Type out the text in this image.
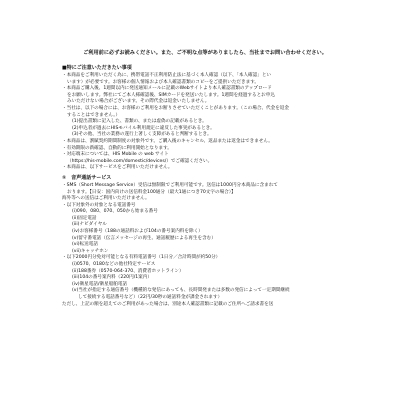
ご利用前に必ずお読みください。また、ご不明な点等がありましたら、当社までお問い合わせください。
■特にご注意いただきたい事項
・本商品をご利用いただく為に、携帯電話不正利用防止法に基づく本人確認（以下、「本人確認」とい
います）が必要です。お客様の個人情報および本人確認書類のコピーをご提供いただきます。
・本商品ご購入後、1週間以内に発送通知メールに記載のWebサイトより本人確認書類のアップロード
をお願いします。弊社にてご本人様確認後、SIMカードを発送いたします。1週間を経過するとお申込
みいただけない場合がございます。その際代金は返金いたしません。
・当社は、以下の場合には、お客様のご利用をお断りさせていただくことがあります。（この場合、代金を返金
することはできません。）
(1)提出書類に記入した、書類の、または虚偽の記載があるとき。
(2)申込者が過去にHISモバイル利用規定に違反した事実があるとき。
(3)その他、当社の業務の遂行上著しく支障があると判断するとき。
・本商品は、割賦契約期間制度の対象外です。ご購入後のキャンセル、返品または返金はできません。
・有効期限の新確認、自動的に利用開始となります。
・対応端末については、HIS Mobile の web サイト
（https://his-mobile.com/domestic/devices/）でご確認ください。
・本商品は、以下サービスをご利用いただけません。
①　音声通話サービス
・SMS（Short Message Service）受信は無制限でご利用可能です。送信は1000円分本商品に含まれて
おります。【日安：国内向けの送信料金100通分（最大1通につき70文字の場合）】
海外等への送信はご利用いただけません。
・以下対象外の対象となる電話番号
(i)090、080、070、050から始まる番号
(ii)固定電話
(iii)ナビダイヤル
(iv)お客様番号（188の通話料および104の番号案内料を除く）
(v)留守番電話（伝言メッセージの再生、通話履歴による再生を含む）
(vi)転送電話
(vii)キャッチホン
・以下2000円分免対可能となる有料電話番号（1日分／合計時間が約50分）
(i)0570、0180などの他社特定サービス
(ii)188番券（0570-064-370、消費者ホットライン）
(iii)104の番号案内料（220円/1案内）
(iv)衛星電話/衛星船舶電話
(v)当社が指定する通信番号（機種的な発信にあっても、長時間発または多数の発信によって一定期間継続
して接続する電話番号など）（22円/30秒の通話料金が課金されます）
ただし、上記の額を超えてのご利用があった場合は、別途本人確認書類に記載のご住所へご請求書を送
